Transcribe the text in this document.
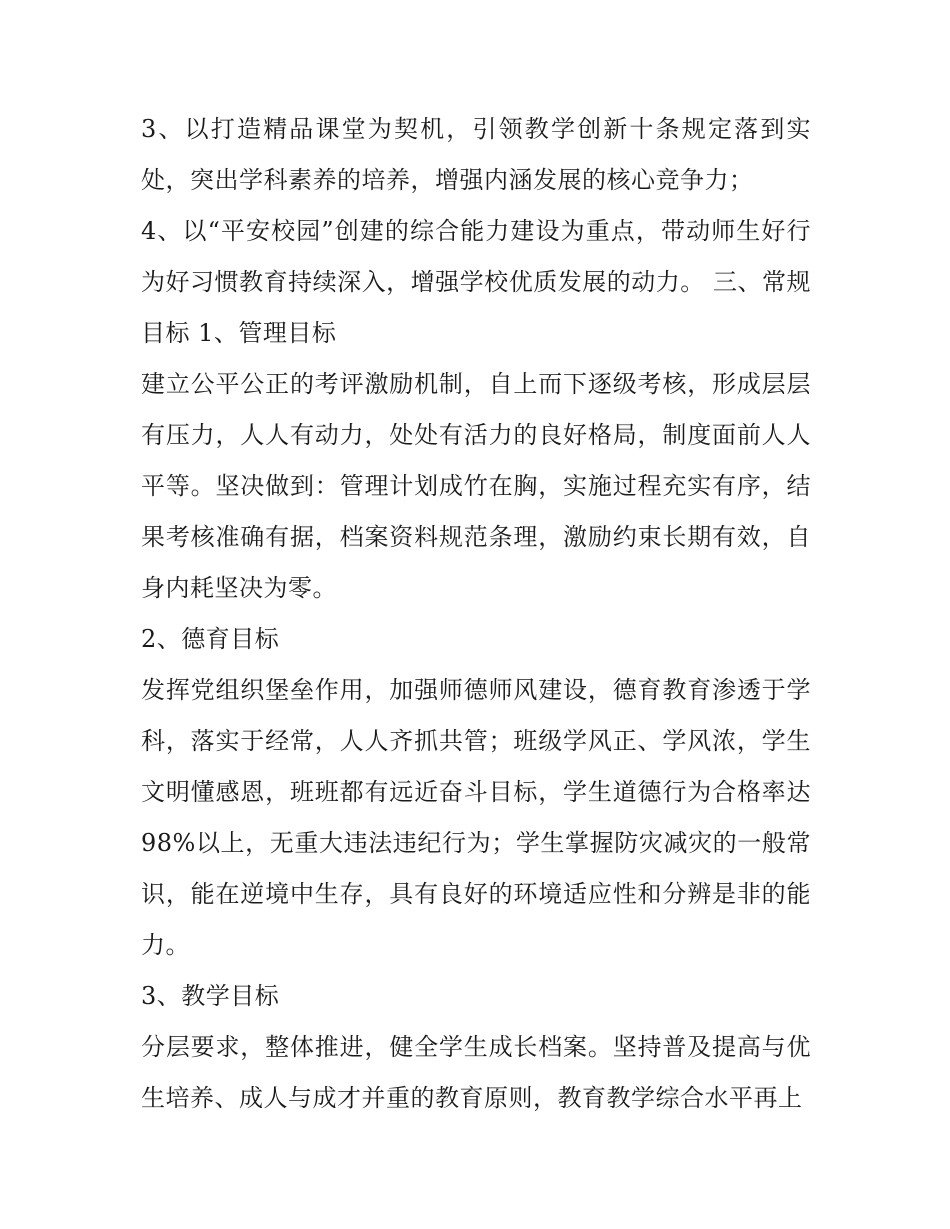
3、以打造精品课堂为契机，引领教学创新十条规定落到实处，突出学科素养的培养，增强内涵发展的核心竞争力；

4、以“平安校园”创建的综合能力建设为重点，带动师生好行为好习惯教育持续深入，增强学校优质发展的动力。 三、常规目标 1、管理目标

建立公平公正的考评激励机制，自上而下逐级考核，形成层层有压力，人人有动力，处处有活力的良好格局，制度面前人人平等。坚决做到：管理计划成竹在胸，实施过程充实有序，结果考核准确有据，档案资料规范条理，激励约束长期有效，自身内耗坚决为零。

2、德育目标

发挥党组织堡垒作用，加强师德师风建设，德育教育渗透于学科，落实于经常，人人齐抓共管；班级学风正、学风浓，学生文明懂感恩，班班都有远近奋斗目标，学生道德行为合格率达98%以上，无重大违法违纪行为；学生掌握防灾减灾的一般常识，能在逆境中生存，具有良好的环境适应性和分辨是非的能力。

3、教学目标

分层要求，整体推进，健全学生成长档案。坚持普及提高与优生培养、成人与成才并重的教育原则，教育教学综合水平再上
